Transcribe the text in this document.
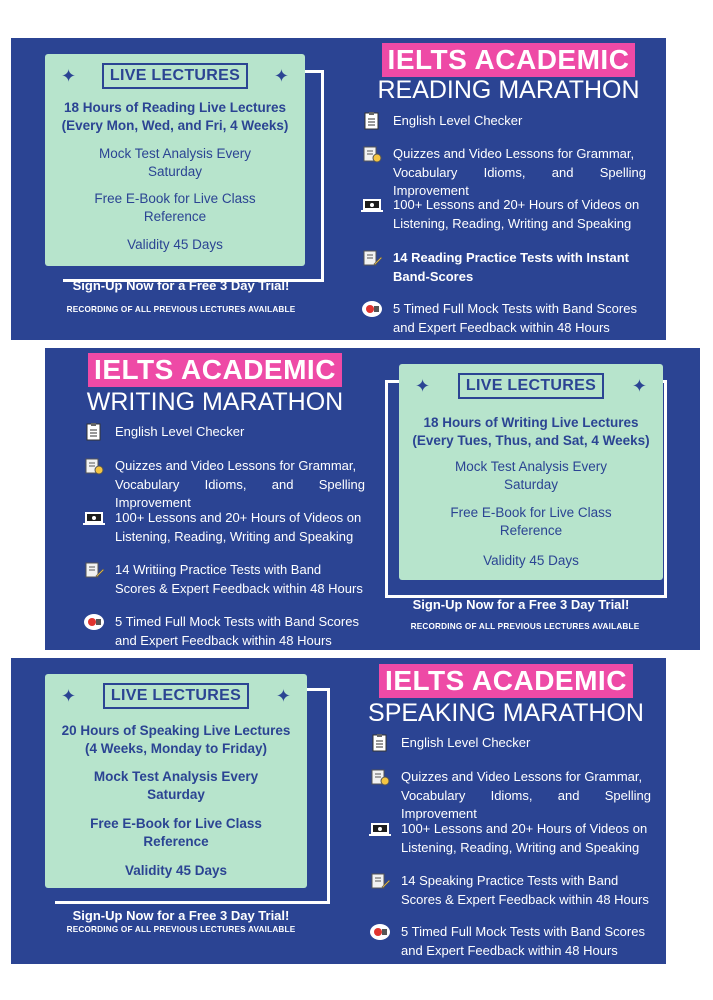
✦	✦
LIVE LECTURES
18 Hours of Reading Live Lectures
(Every Mon, Wed, and Fri, 4 Weeks)
Mock Test Analysis Every
Saturday
Free E-Book for Live Class
Reference
Validity 45 Days
Sign-Up Now for a Free 3 Day Trial!
RECORDING OF ALL PREVIOUS LECTURES AVAILABLE
IELTS ACADEMIC
READING MARATHON
English Level Checker
Quizzes and Video Lessons for Grammar,
Vocabulary Idioms, and Spelling Improvement
100+ Lessons and 20+ Hours of Videos on
Listening, Reading, Writing and Speaking
14 Reading Practice Tests with Instant
Band-Scores
5 Timed Full Mock Tests with Band Scores
and Expert Feedback within 48 Hours
IELTS ACADEMIC
WRITING MARATHON
English Level Checker
Quizzes and Video Lessons for Grammar,
Vocabulary Idioms, and Spelling Improvement
100+ Lessons and 20+ Hours of Videos on
Listening, Reading, Writing and Speaking
14 Writiing Practice Tests with Band
Scores & Expert Feedback within 48 Hours
5 Timed Full Mock Tests with Band Scores
and Expert Feedback within 48 Hours
✦	✦
LIVE LECTURES
18 Hours of Writing Live Lectures
(Every Tues, Thus, and Sat, 4 Weeks)
Mock Test Analysis Every
Saturday
Free E-Book for Live Class
Reference
Validity 45 Days
Sign-Up Now for a Free 3 Day Trial!
RECORDING OF ALL PREVIOUS LECTURES AVAILABLE
✦	✦
LIVE LECTURES
20 Hours of Speaking Live Lectures
(4 Weeks, Monday to Friday)
Mock Test Analysis Every
Saturday
Free E-Book for Live Class
Reference
Validity 45 Days
Sign-Up Now for a Free 3 Day Trial!
RECORDING OF ALL PREVIOUS LECTURES AVAILABLE
IELTS ACADEMIC
SPEAKING MARATHON
English Level Checker
Quizzes and Video Lessons for Grammar,
Vocabulary Idioms, and Spelling Improvement
100+ Lessons and 20+ Hours of Videos on
Listening, Reading, Writing and Speaking
14 Speaking Practice Tests with Band
Scores & Expert Feedback within 48 Hours
5 Timed Full Mock Tests with Band Scores
and Expert Feedback within 48 Hours
